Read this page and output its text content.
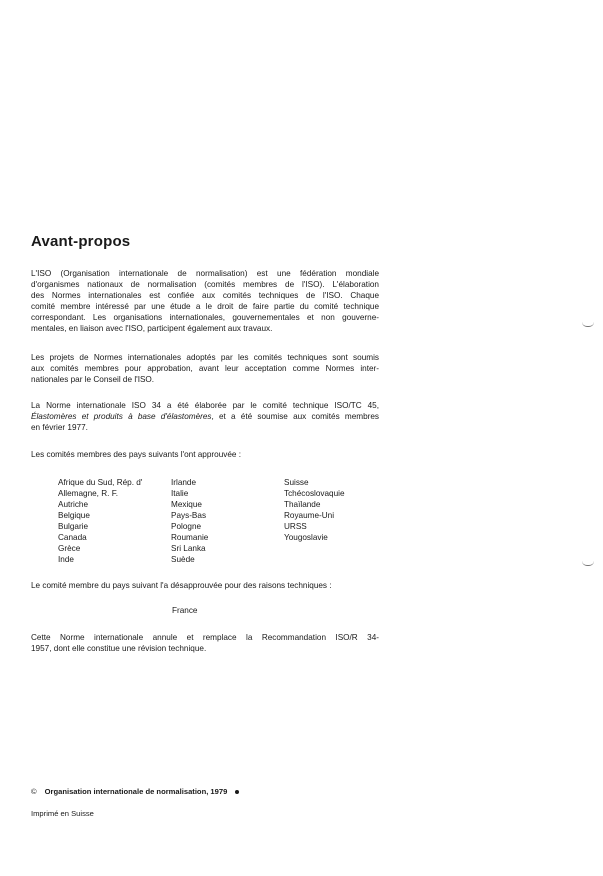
Avant-propos
L'ISO (Organisation internationale de normalisation) est une fédération mondiale
d'organismes nationaux de normalisation (comités membres de l'ISO). L'élaboration
des Normes internationales est confiée aux comités techniques de l'ISO. Chaque
comité membre intéressé par une étude a le droit de faire partie du comité technique
correspondant. Les organisations internationales, gouvernementales et non gouverne-
mentales, en liaison avec l'ISO, participent également aux travaux.
Les projets de Normes internationales adoptés par les comités techniques sont soumis
aux comités membres pour approbation, avant leur acceptation comme Normes inter-
nationales par le Conseil de l'ISO.
La Norme internationale ISO 34 a été élaborée par le comité technique ISO/TC 45,
Élastomères et produits à base d'élastomères, et a été soumise aux comités membres
en février 1977.
Les comités membres des pays suivants l'ont approuvée :
Afrique du Sud, Rép. d'
Allemagne, R. F.
Autriche
Belgique
Bulgarie
Canada
Grèce
Inde
Irlande
Italie
Mexique
Pays-Bas
Pologne
Roumanie
Sri Lanka
Suède
Suisse
Tchécoslovaquie
Thaïlande
Royaume-Uni
URSS
Yougoslavie
Le comité membre du pays suivant l'a désapprouvée pour des raisons techniques :
France
Cette Norme internationale annule et remplace la Recommandation ISO/R 34-
1957, dont elle constitue une révision technique.
© Organisation internationale de normalisation, 1979
Imprimé en Suisse
